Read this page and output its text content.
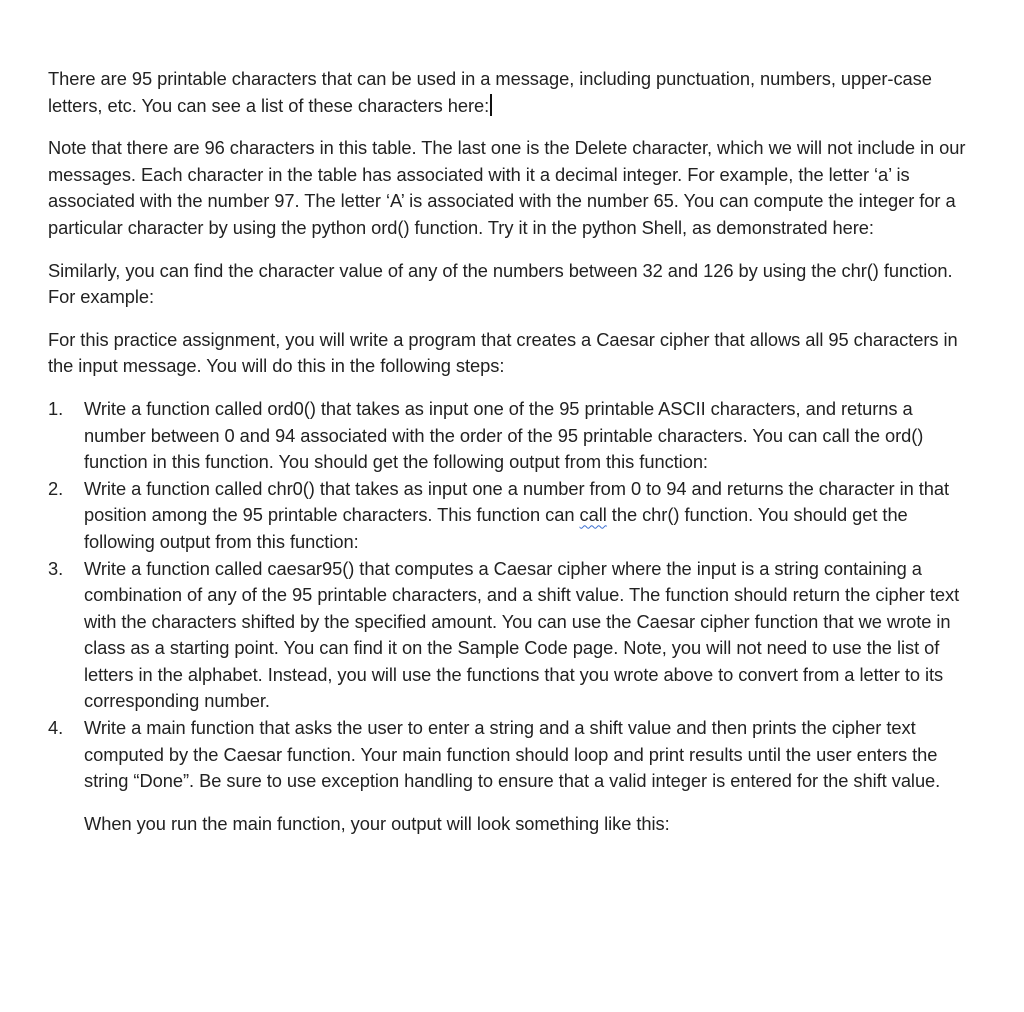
There are 95 printable characters that can be used in a message, including punctuation, numbers, upper-case letters, etc. You can see a list of these characters here:

Note that there are 96 characters in this table. The last one is the Delete character, which we will not include in our messages. Each character in the table has associated with it a decimal integer. For example, the letter ‘a’ is associated with the number 97. The letter ‘A’ is associated with the number 65. You can compute the integer for a particular character by using the python ord() function. Try it in the python Shell, as demonstrated here:

Similarly, you can find the character value of any of the numbers between 32 and 126 by using the chr() function. For example:

For this practice assignment, you will write a program that creates a Caesar cipher that allows all 95 characters in the input message. You will do this in the following steps:

1.	Write a function called ord0() that takes as input one of the 95 printable ASCII characters, and returns a number between 0 and 94 associated with the order of the 95 printable characters. You can call the ord() function in this function. You should get the following output from this function:
2.	Write a function called chr0() that takes as input one a number from 0 to 94 and returns the character in that position among the 95 printable characters. This function can call the chr() function. You should get the following output from this function:
3.	Write a function called caesar95() that computes a Caesar cipher where the input is a string containing a combination of any of the 95 printable characters, and a shift value. The function should return the cipher text with the characters shifted by the specified amount. You can use the Caesar cipher function that we wrote in class as a starting point. You can find it on the Sample Code page. Note, you will not need to use the list of letters in the alphabet. Instead, you will use the functions that you wrote above to convert from a letter to its corresponding number.
4.	Write a main function that asks the user to enter a string and a shift value and then prints the cipher text computed by the Caesar function. Your main function should loop and print results until the user enters the string “Done”. Be sure to use exception handling to ensure that a valid integer is entered for the shift value.

When you run the main function, your output will look something like this:
